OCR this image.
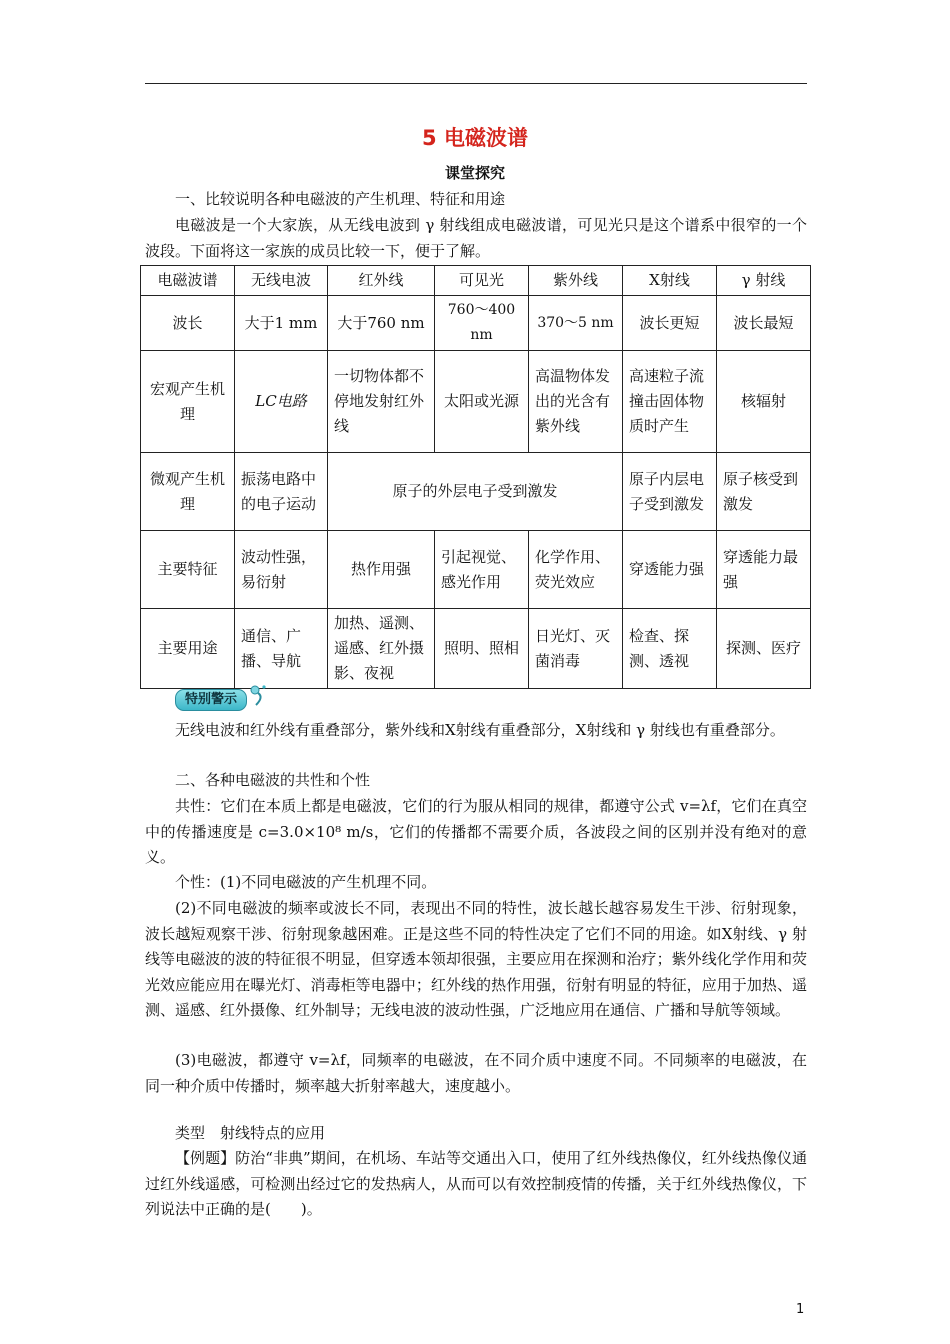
5 电磁波谱
课堂探究

一、比较说明各种电磁波的产生机理、特征和用途

电磁波是一个大家族，从无线电波到 γ 射线组成电磁波谱，可见光只是这个谱系中很窄的一个波段。下面将这一家族的成员比较一下，便于了解。

电磁波谱	无线电波	红外线	可见光	紫外线	X射线	γ 射线
波长	大于1 mm	大于760 nm	760～400 nm	370～5 nm	波长更短	波长最短
宏观产生机理	LC电路	一切物体都不停地发射红外线	太阳或光源	高温物体发出的光含有紫外线	高速粒子流撞击固体物质时产生	核辐射
微观产生机理	振荡电路中的电子运动	原子的外层电子受到激发			原子内层电子受到激发	原子核受到激发
主要特征	波动性强，易衍射	热作用强	引起视觉、感光作用	化学作用、荧光效应	穿透能力强	穿透能力最强
主要用途	通信、广播、导航	加热、遥测、遥感、红外摄影、夜视	照明、照相	日光灯、灭菌消毒	检查、探测、透视	探测、医疗
特别警示

无线电波和红外线有重叠部分，紫外线和X射线有重叠部分，X射线和 γ 射线也有重叠部分。

二、各种电磁波的共性和个性

共性：它们在本质上都是电磁波，它们的行为服从相同的规律，都遵守公式 v=λf，它们在真空中的传播速度是 c=3.0×10⁸ m/s，它们的传播都不需要介质，各波段之间的区别并没有绝对的意义。

个性：(1)不同电磁波的产生机理不同。

(2)不同电磁波的频率或波长不同，表现出不同的特性，波长越长越容易发生干涉、衍射现象，波长越短观察干涉、衍射现象越困难。正是这些不同的特性决定了它们不同的用途。如X射线、γ 射线等电磁波的波的特征很不明显，但穿透本领却很强，主要应用在探测和治疗；紫外线化学作用和荧光效应能应用在曝光灯、消毒柜等电器中；红外线的热作用强，衍射有明显的特征，应用于加热、遥测、遥感、红外摄像、红外制导；无线电波的波动性强，广泛地应用在通信、广播和导航等领域。

(3)电磁波，都遵守 v=λf，同频率的电磁波，在不同介质中速度不同。不同频率的电磁波，在同一种介质中传播时，频率越大折射率越大，速度越小。

类型　射线特点的应用

【例题】防治“非典”期间，在机场、车站等交通出入口，使用了红外线热像仪，红外线热像仪通过红外线遥感，可检测出经过它的发热病人，从而可以有效控制疫情的传播，关于红外线热像仪，下列说法中正确的是(　　)。

1
